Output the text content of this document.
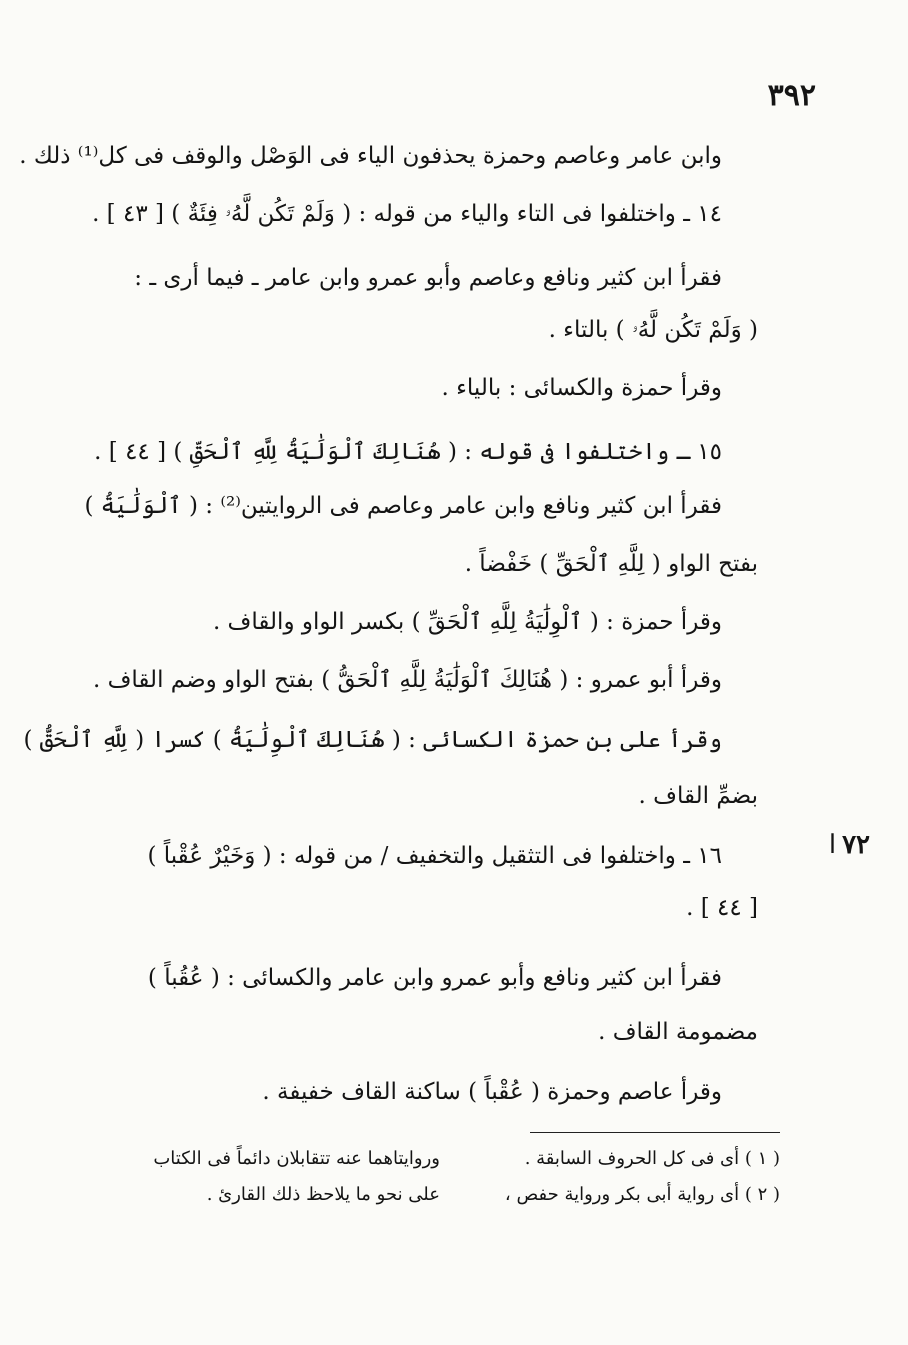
٣٩٢
وابن عامر وعاصم وحمزة يحذفون الياء فى الوَصْل والوقف فى كل⁽¹⁾ ذلك .
١٤ ـ واختلفوا فى التاء والياء من قوله : ( وَلَمْ تَكُن لَّهُۥ فِئَةٌ ) [ ٤٣ ] .
فقرأ ابن كثير ونافع وعاصم وأبو عمرو وابن عامر ـ فيما أرى ـ :
( وَلَمْ تَكُن لَّهُۥ ) بالتاء .
وقرأ حمزة والكسائى : بالياء .
١٥ ـ واختلفوا فى قوله : ( هُنَالِكَ ٱلْوَلَٰيَةُ لِلَّهِ ٱلْحَقِّ ) [ ٤٤ ] .
فقرأ ابن كثير ونافع وابن عامر وعاصم فى الروايتين⁽²⁾ : ( ٱلْوَلَٰيَةُ )
بفتح الواو ( لِلَّهِ ٱلْحَقِّ ) خَفْضاً .
وقرأ حمزة : ( ٱلْوِلَٰيَةُ لِلَّهِ ٱلْحَقِّ ) بكسر الواو والقاف .
وقرأ أبو عمرو : ( هُنَالِكَ ٱلْوَلَٰيَةُ لِلَّهِ ٱلْحَقُّ ) بفتح الواو وضم القاف .
وقرأ على بن حمزة الكسائى : ( هُنَالِكَ ٱلْوِلَٰيَةُ ) كسرا ( لِلَّهِ ٱلْحَقُّ )
بضمِّ القاف .
٧٢ا
١٦ ـ واختلفوا فى التثقيل والتخفيف / من قوله : ( وَخَيْرٌ عُقْباً )
[ ٤٤ ] .
فقرأ ابن كثير ونافع وأبو عمرو وابن عامر والكسائى : ( عُقُباً )
مضمومة القاف .
وقرأ عاصم وحمزة ( عُقْباً ) ساكنة القاف خفيفة .
( ١ ) أى فى كل الحروف السابقة .
وروايتاهما عنه تتقابلان دائماً فى الكتاب
( ٢ ) أى رواية أبى بكر ورواية حفص ،
على نحو ما يلاحظ ذلك القارئ .
